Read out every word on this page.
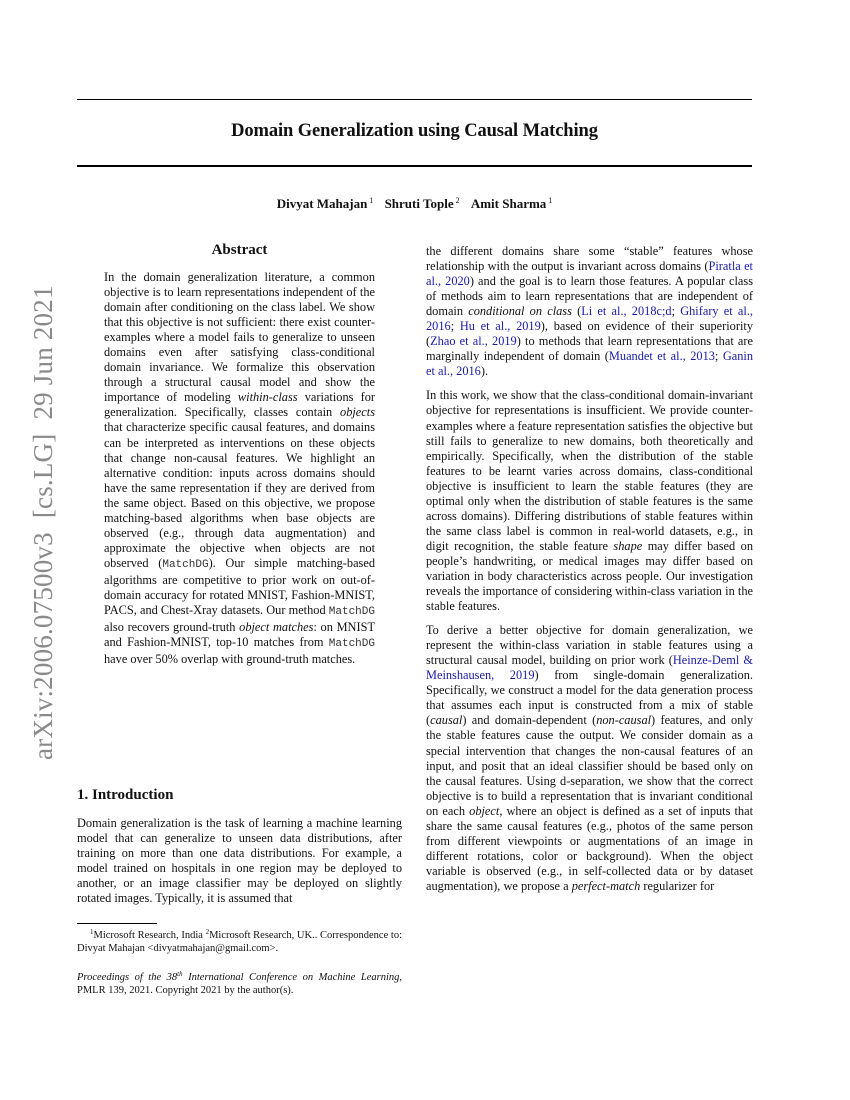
Domain Generalization using Causal Matching
Divyat Mahajan $^1$ Shruti Tople $^2$ Amit Sharma $^1$
arXiv:2006.07500v3[cs.LG]29 Jun 2021
Abstract
In the domain generalization literature, a common objective is to learn representations independent of the domain after conditioning on the class label. We show that this objective is not sufficient: there exist counter-examples where a model fails to generalize to unseen domains even after satisfying class-conditional domain invariance. We formalize this observation through a structural causal model and show the importance of modeling within-class variations for generalization. Specifically, classes contain objects that characterize specific causal features, and domains can be interpreted as interventions on these objects that change non-causal features. We highlight an alternative condition: inputs across domains should have the same representation if they are derived from the same object. Based on this objective, we propose matching-based algorithms when base objects are observed (e.g., through data augmentation) and approximate the objective when objects are not observed (MatchDG). Our simple matching-based algorithms are competitive to prior work on out-of-domain accuracy for rotated MNIST, Fashion-MNIST, PACS, and Chest-Xray datasets. Our method MatchDG also recovers ground-truth object matches: on MNIST and Fashion-MNIST, top-10 matches from MatchDG have over 50% overlap with ground-truth matches.
1. Introduction

Domain generalization is the task of learning a machine learning model that can generalize to unseen data distributions, after training on more than one data distributions. For example, a model trained on hospitals in one region may be deployed to another, or an image classifier may be deployed on slightly rotated images. Typically, it is assumed that

$^1$Microsoft Research, India $^2$Microsoft Research, UK.. Correspondence to: Divyat Mahajan <divyatmahajan@gmail.com>.
Proceedings of the 38th International Conference on Machine Learning, PMLR 139, 2021. Copyright 2021 by the author(s).

the different domains share some “stable” features whose relationship with the output is invariant across domains (Piratla et al., 2020) and the goal is to learn those features. A popular class of methods aim to learn representations that are independent of domain conditional on class (Li et al., 2018c;d; Ghifary et al., 2016; Hu et al., 2019), based on evidence of their superiority (Zhao et al., 2019) to methods that learn representations that are marginally independent of domain (Muandet et al., 2013; Ganin et al., 2016).

In this work, we show that the class-conditional domain-invariant objective for representations is insufficient. We provide counter-examples where a feature representation satisfies the objective but still fails to generalize to new domains, both theoretically and empirically. Specifically, when the distribution of the stable features to be learnt varies across domains, class-conditional objective is insufficient to learn the stable features (they are optimal only when the distribution of stable features is the same across domains). Differing distributions of stable features within the same class label is common in real-world datasets, e.g., in digit recognition, the stable feature shape may differ based on people’s handwriting, or medical images may differ based on variation in body characteristics across people. Our investigation reveals the importance of considering within-class variation in the stable features.

To derive a better objective for domain generalization, we represent the within-class variation in stable features using a structural causal model, building on prior work (Heinze-Deml & Meinshausen, 2019) from single-domain generalization. Specifically, we construct a model for the data generation process that assumes each input is constructed from a mix of stable (causal) and domain-dependent (non-causal) features, and only the stable features cause the output. We consider domain as a special intervention that changes the non-causal features of an input, and posit that an ideal classifier should be based only on the causal features. Using d-separation, we show that the correct objective is to build a representation that is invariant conditional on each object, where an object is defined as a set of inputs that share the same causal features (e.g., photos of the same person from different viewpoints or augmentations of an image in different rotations, color or background). When the object variable is observed (e.g., in self-collected data or by dataset augmentation), we propose a perfect-match regularizer for
